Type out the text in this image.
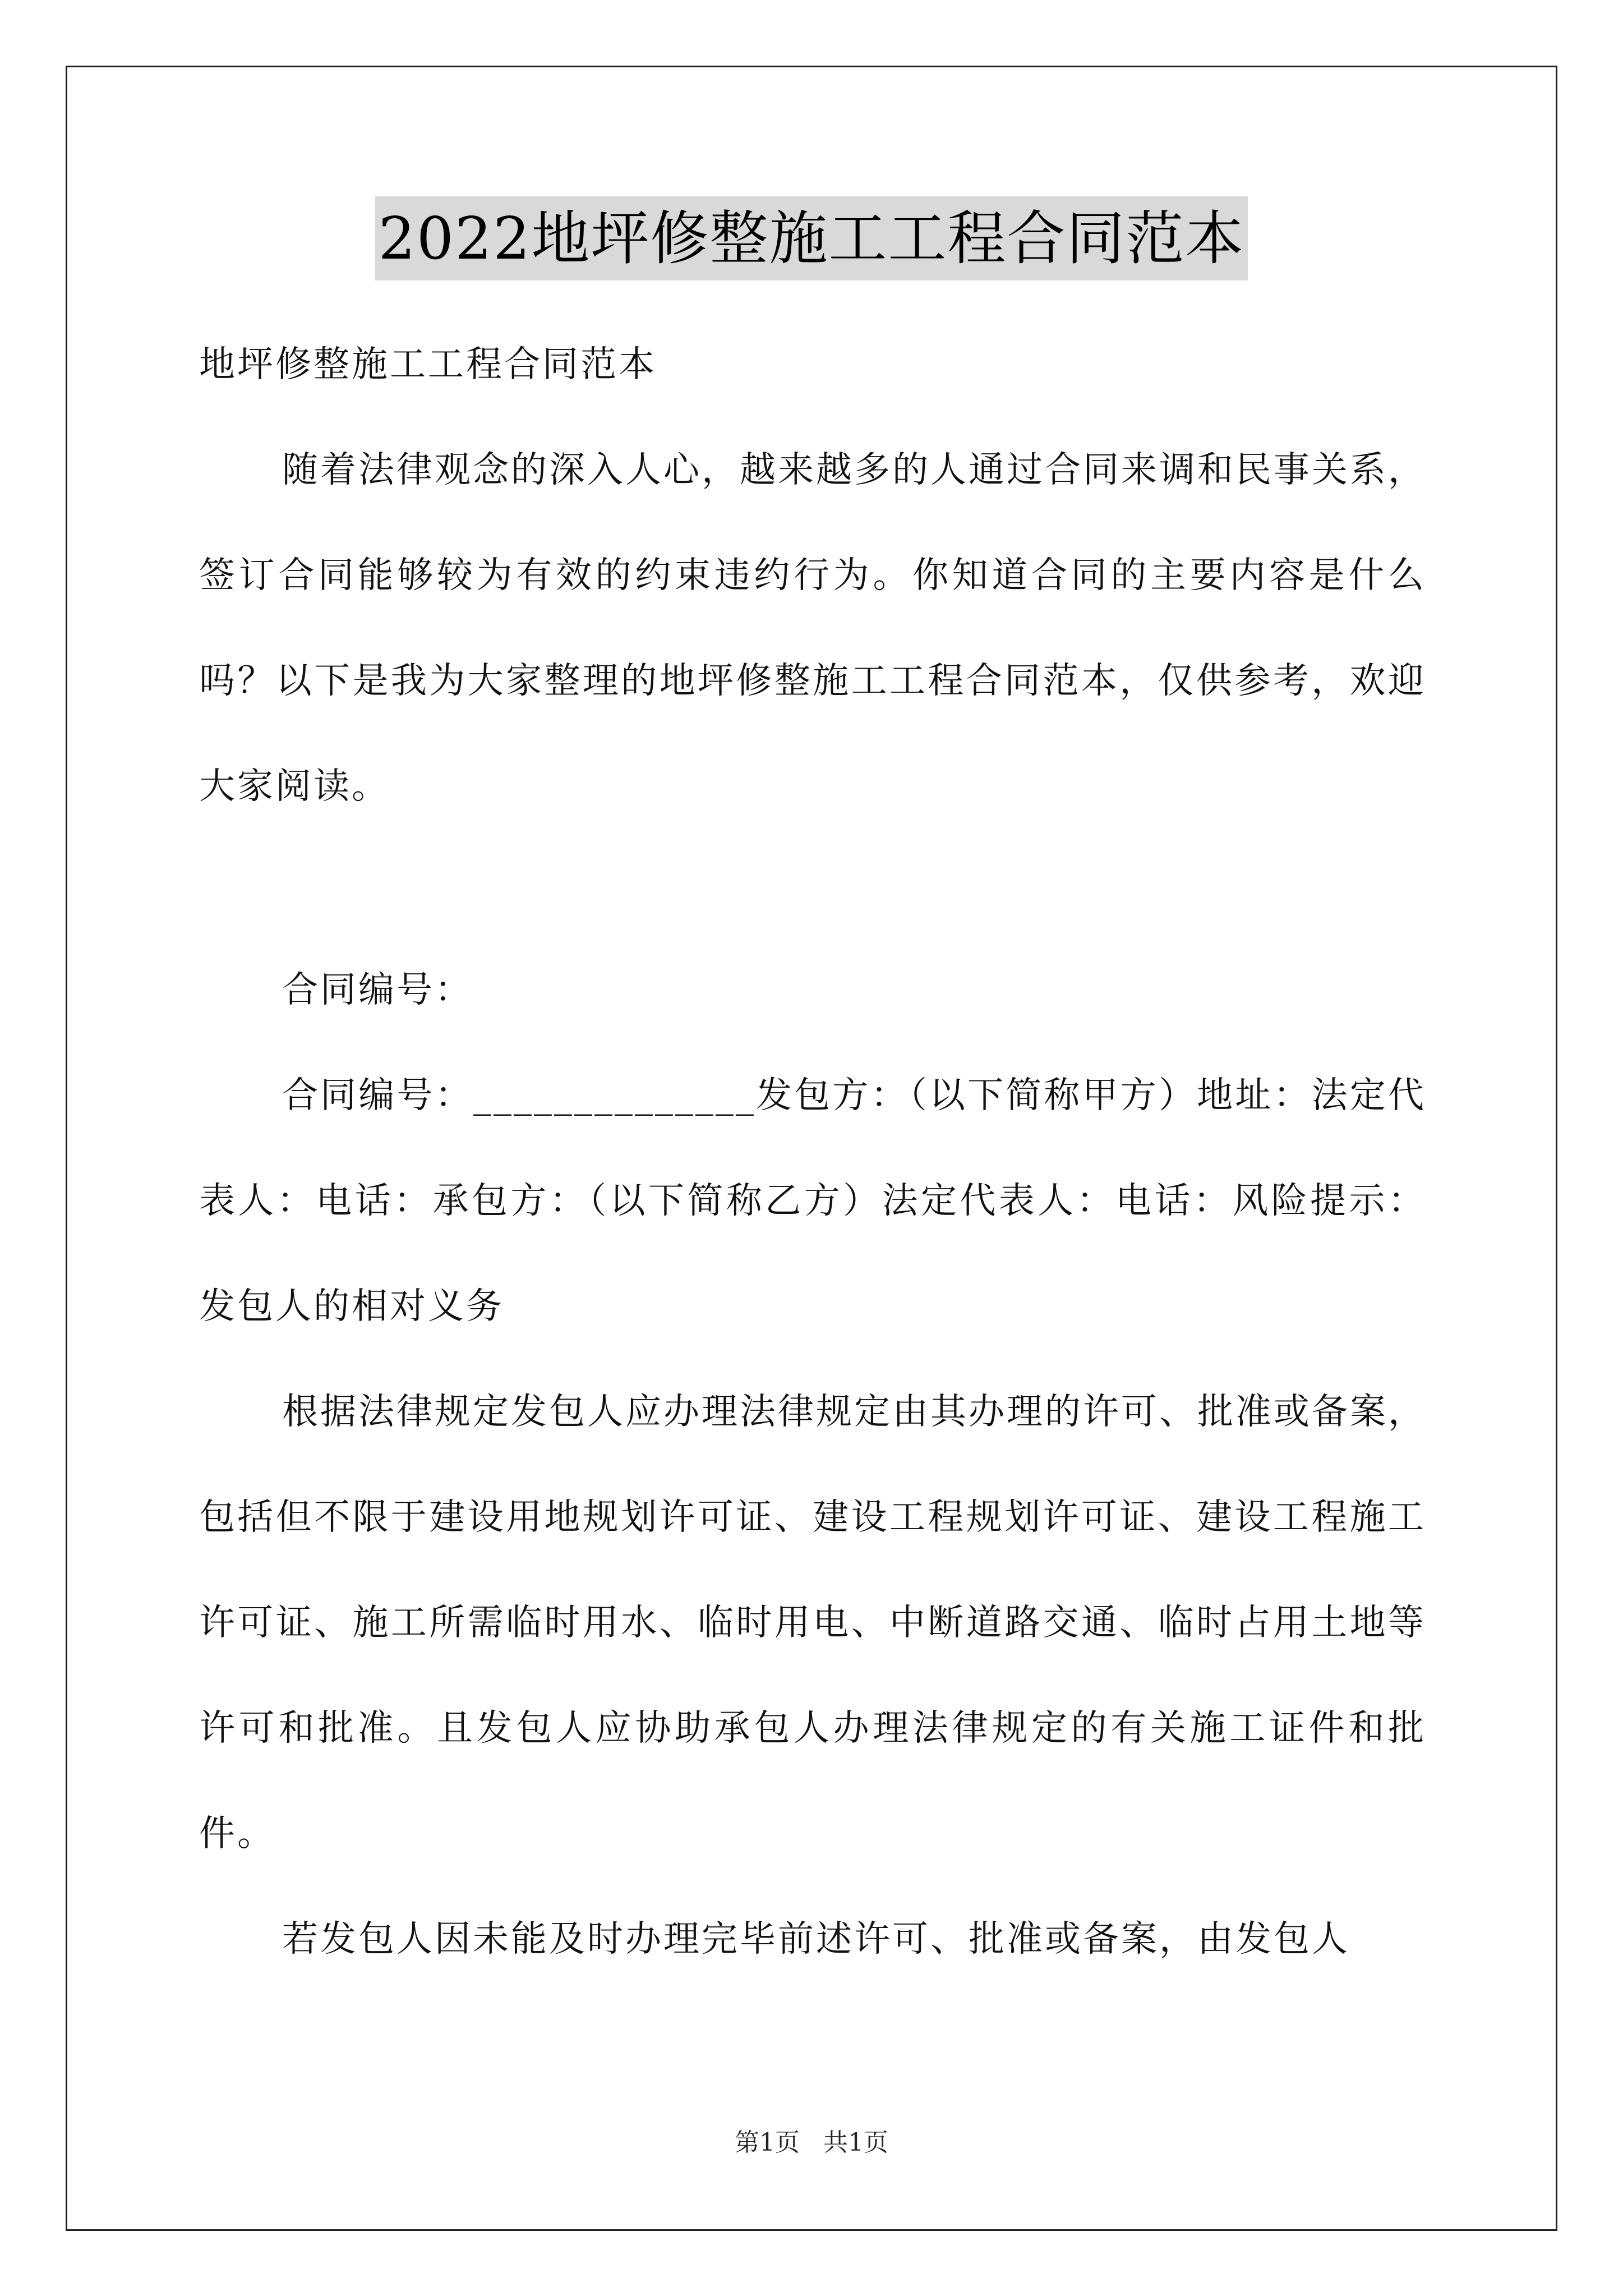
2022地坪修整施工工程合同范本

地坪修整施工工程合同范本

随着法律观念的深入人心，越来越多的人通过合同来调和民事关系，签订合同能够较为有效的约束违约行为。你知道合同的主要内容是什么吗？以下是我为大家整理的地坪修整施工工程合同范本，仅供参考，欢迎大家阅读。

合同编号：

合同编号：______________发包方：（以下简称甲方）地址：法定代表人：电话：承包方：（以下简称乙方）法定代表人：电话：风险提示：发包人的相对义务

根据法律规定发包人应办理法律规定由其办理的许可、批准或备案，包括但不限于建设用地规划许可证、建设工程规划许可证、建设工程施工许可证、施工所需临时用水、临时用电、中断道路交通、临时占用土地等许可和批准。且发包人应协助承包人办理法律规定的有关施工证件和批件。

若发包人因未能及时办理完毕前述许可、批准或备案，由发包人

第1页   共1页
